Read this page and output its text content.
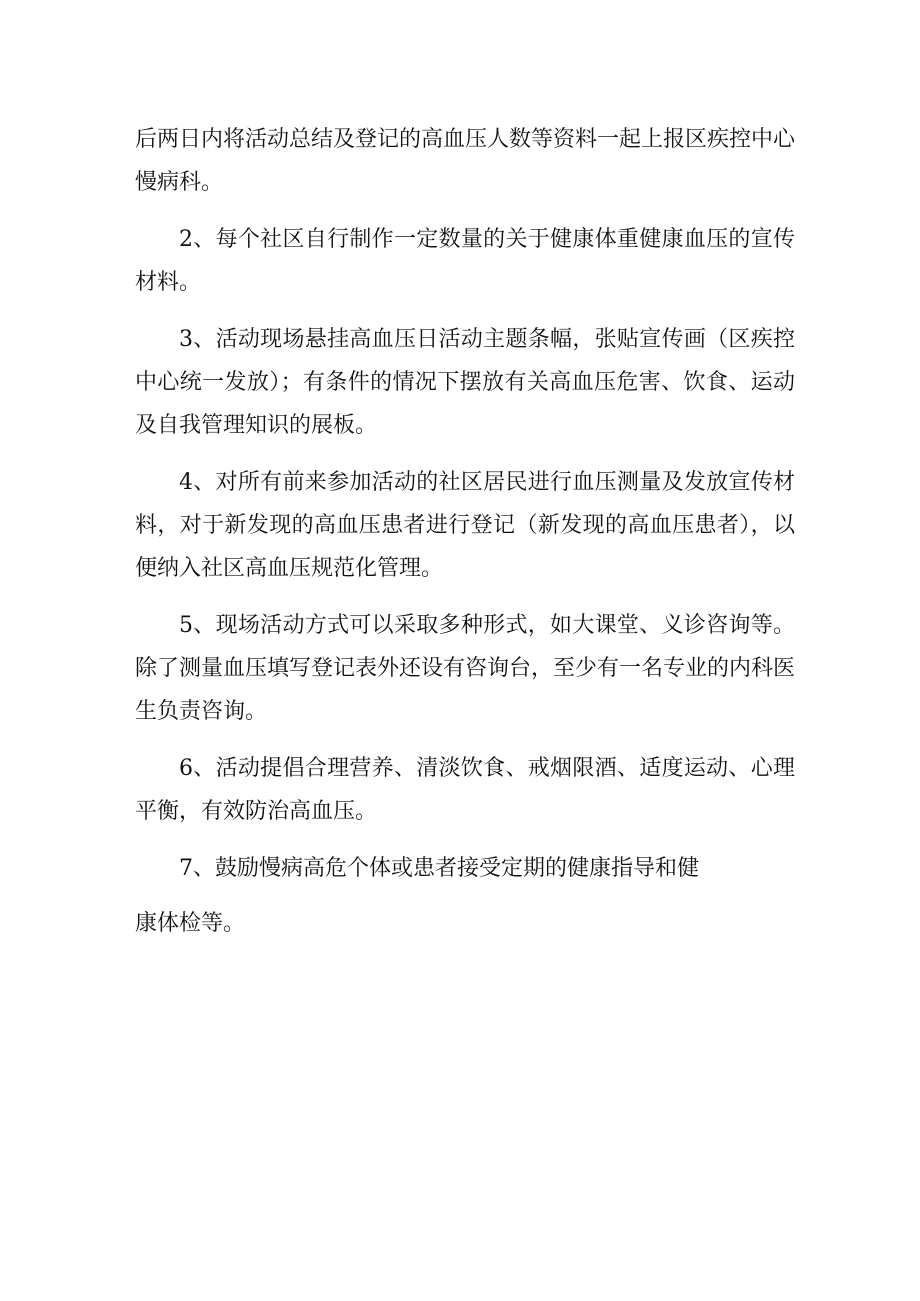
后两日内将活动总结及登记的高血压人数等资料一起上报区疾控中心慢病科。

2、每个社区自行制作一定数量的关于健康体重健康血压的宣传材料。

3、活动现场悬挂高血压日活动主题条幅，张贴宣传画（区疾控中心统一发放）；有条件的情况下摆放有关高血压危害、饮食、运动及自我管理知识的展板。

4、对所有前来参加活动的社区居民进行血压测量及发放宣传材料，对于新发现的高血压患者进行登记（新发现的高血压患者），以便纳入社区高血压规范化管理。

5、现场活动方式可以采取多种形式，如大课堂、义诊咨询等。除了测量血压填写登记表外还设有咨询台，至少有一名专业的内科医生负责咨询。

6、活动提倡合理营养、清淡饮食、戒烟限酒、适度运动、心理平衡，有效防治高血压。

7、鼓励慢病高危个体或患者接受定期的健康指导和健

康体检等。
